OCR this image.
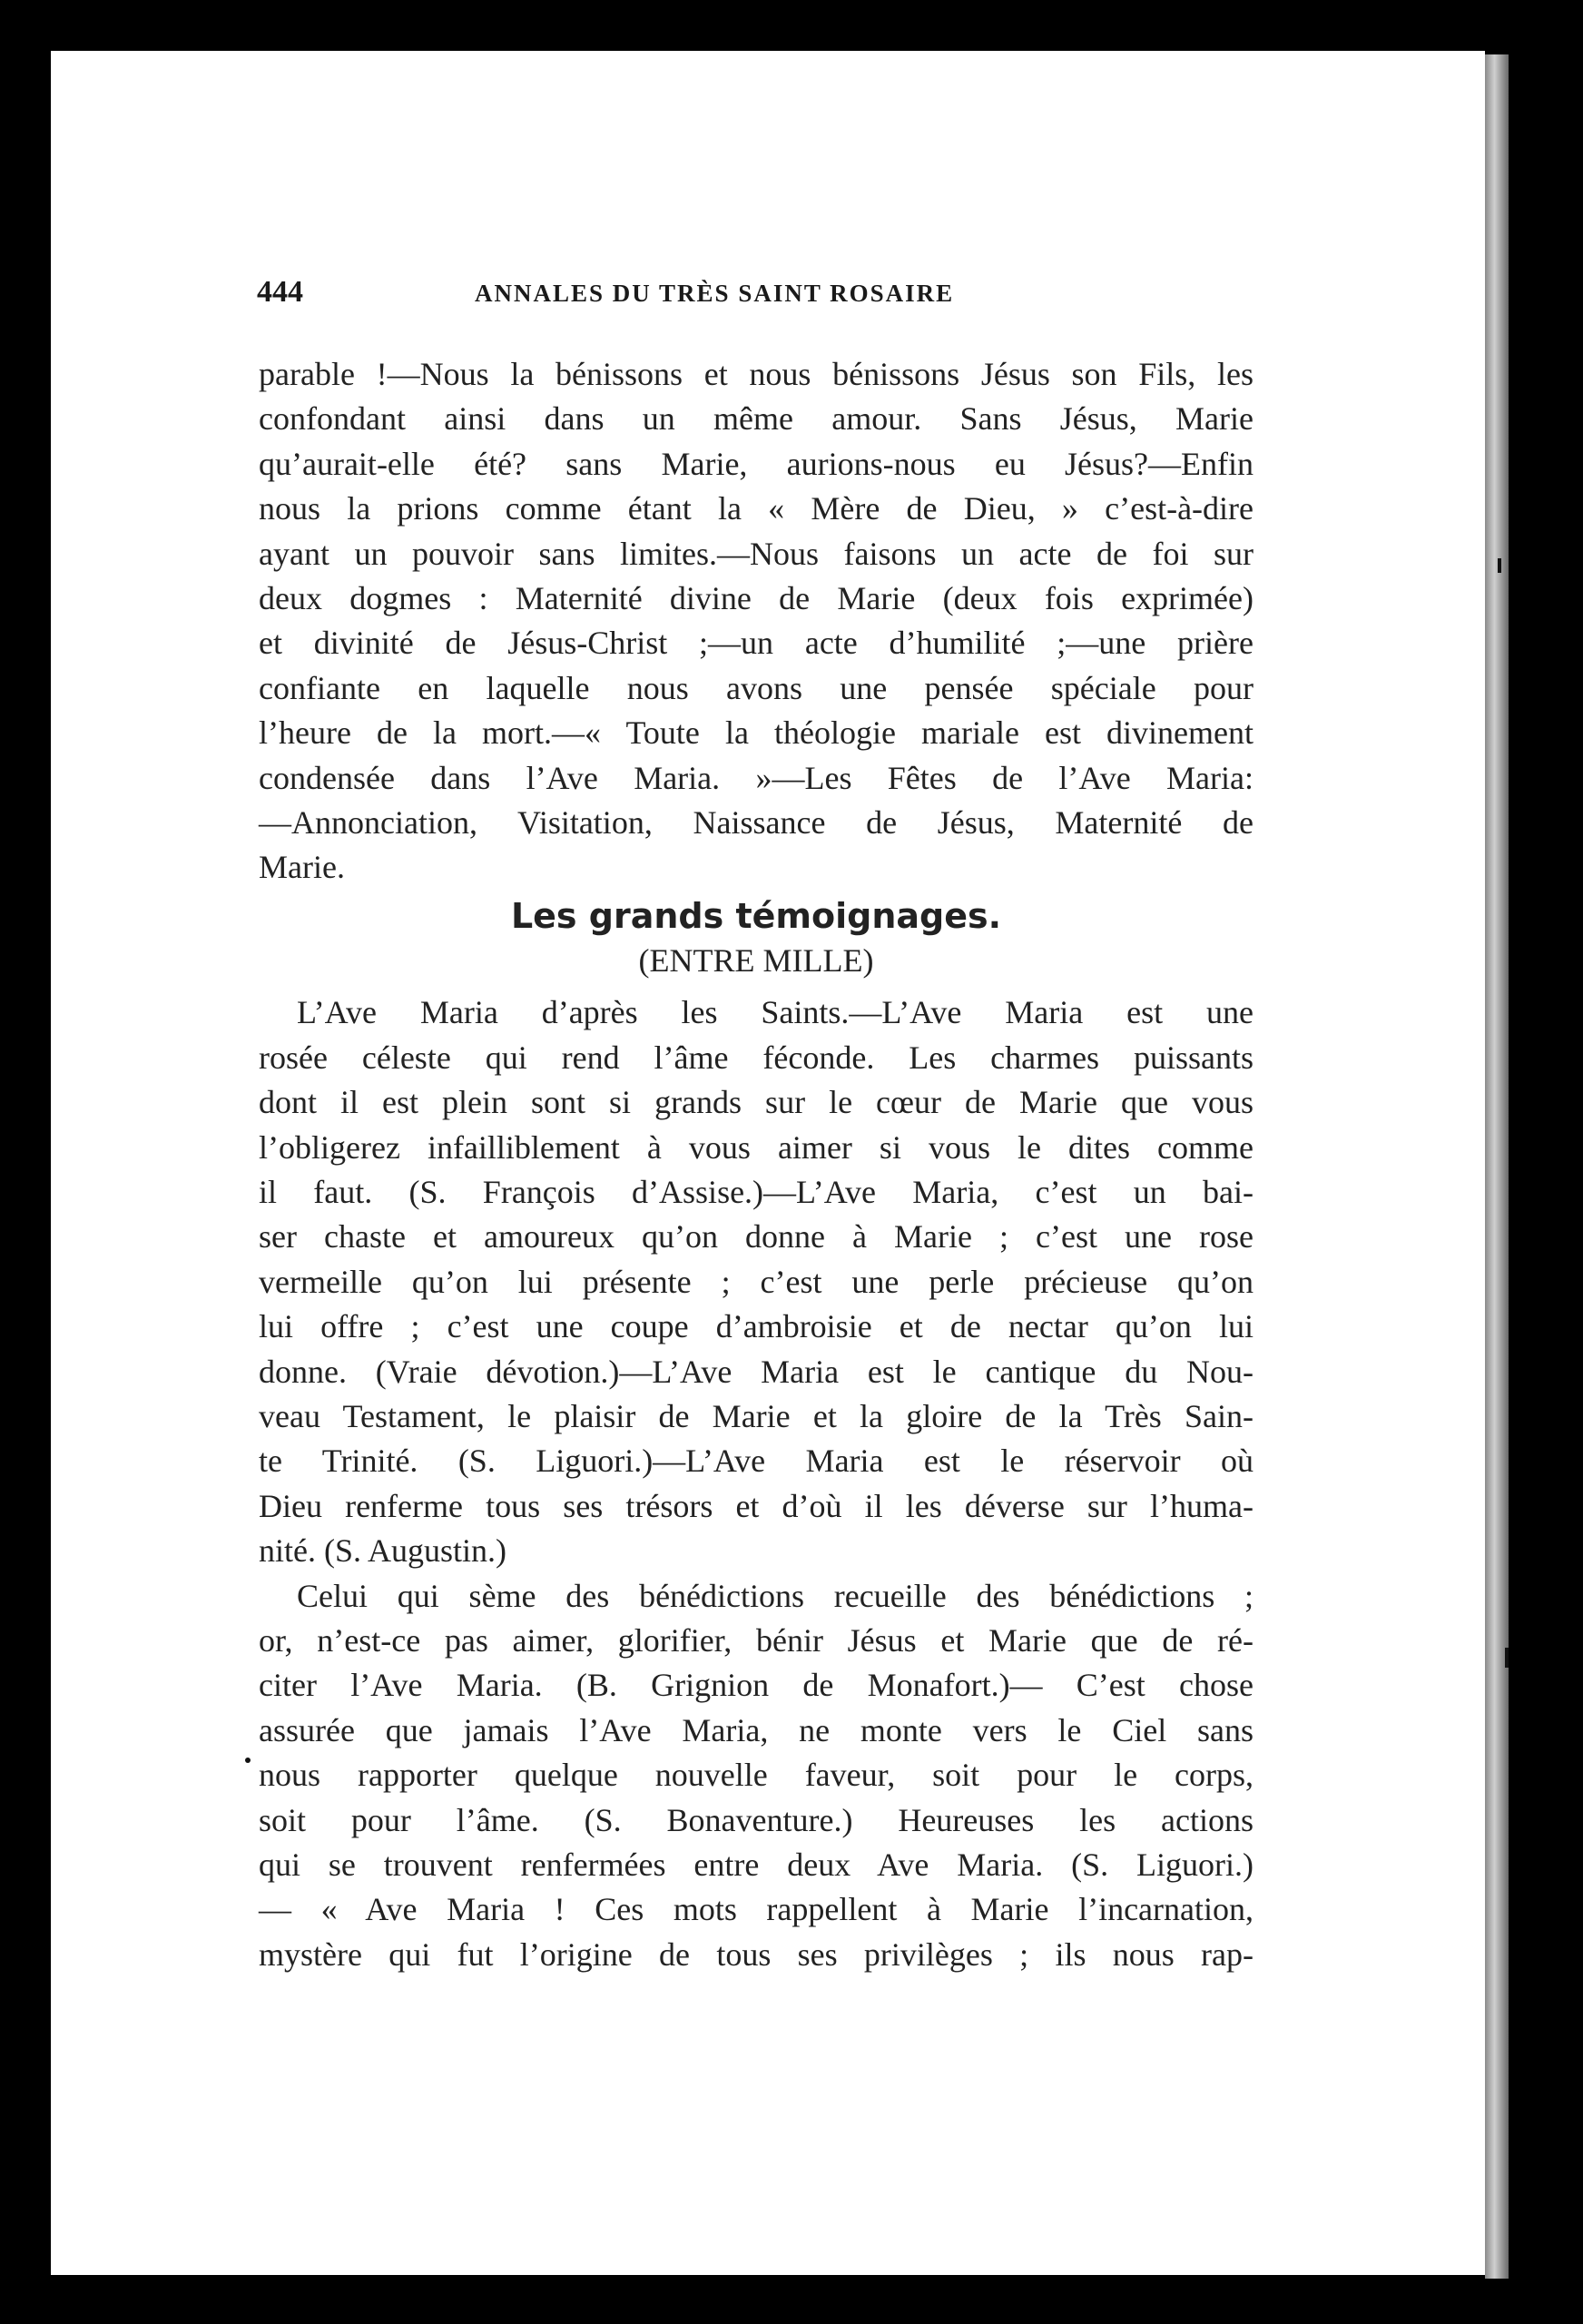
444	ANNALES DU TRÈS SAINT ROSAIRE
parable !—Nous la bénissons et nous bénissons Jésus son Fils, les
confondant ainsi dans un même amour. Sans Jésus, Marie
qu’aurait-elle été? sans Marie, aurions-nous eu Jésus?—Enfin
nous la prions comme étant la « Mère de Dieu, » c’est-à-dire
ayant un pouvoir sans limites.—Nous faisons un acte de foi sur
deux dogmes : Maternité divine de Marie (deux fois exprimée)
et divinité de Jésus-Christ ;—un acte d’humilité ;—une prière
confiante en laquelle nous avons une pensée spéciale pour
l’heure de la mort.—« Toute la théologie mariale est divinement
condensée dans l’Ave Maria. »—Les Fêtes de l’Ave Maria:
—Annonciation, Visitation, Naissance de Jésus, Maternité de
Marie.
Les grands témoignages.
(ENTRE MILLE)
L’Ave Maria d’après les Saints.—L’Ave Maria est une
rosée céleste qui rend l’âme féconde. Les charmes puissants
dont il est plein sont si grands sur le cœur de Marie que vous
l’obligerez infailliblement à vous aimer si vous le dites comme
il faut. (S. François d’Assise.)—L’Ave Maria, c’est un bai-
ser chaste et amoureux qu’on donne à Marie ; c’est une rose
vermeille qu’on lui présente ; c’est une perle précieuse qu’on
lui offre ; c’est une coupe d’ambroisie et de nectar qu’on lui
donne. (Vraie dévotion.)—L’Ave Maria est le cantique du Nou-
veau Testament, le plaisir de Marie et la gloire de la Très Sain-
te Trinité. (S. Liguori.)—L’Ave Maria est le réservoir où
Dieu renferme tous ses trésors et d’où il les déverse sur l’huma-
nité. (S. Augustin.)
Celui qui sème des bénédictions recueille des bénédictions ;
or, n’est-ce pas aimer, glorifier, bénir Jésus et Marie que de ré-
citer l’Ave Maria. (B. Grignion de Monafort.)— C’est chose
assurée que jamais l’Ave Maria, ne monte vers le Ciel sans
nous rapporter quelque nouvelle faveur, soit pour le corps,
soit pour l’âme. (S. Bonaventure.) Heureuses les actions
qui se trouvent renfermées entre deux Ave Maria. (S. Liguori.)
— « Ave Maria ! Ces mots rappellent à Marie l’incarnation,
mystère qui fut l’origine de tous ses privilèges ; ils nous rap-
